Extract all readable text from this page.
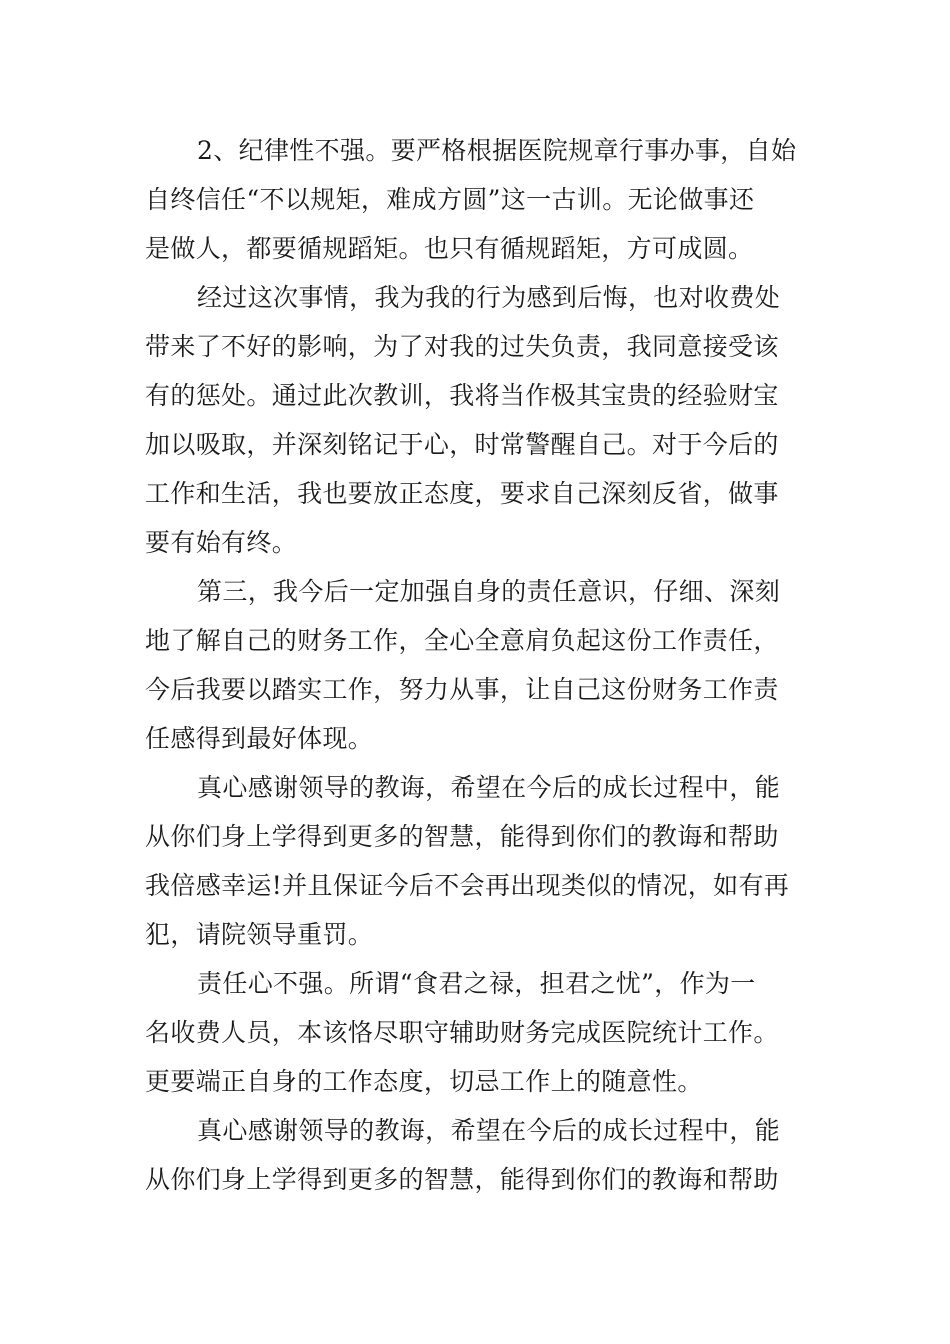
2、纪律性不强。要严格根据医院规章行事办事，自始
自终信任“不以规矩，难成方圆”这一古训。无论做事还
是做人，都要循规蹈矩。也只有循规蹈矩，方可成圆。

经过这次事情，我为我的行为感到后悔，也对收费处
带来了不好的影响，为了对我的过失负责，我同意接受该
有的惩处。通过此次教训，我将当作极其宝贵的经验财宝
加以吸取，并深刻铭记于心，时常警醒自己。对于今后的
工作和生活，我也要放正态度，要求自己深刻反省，做事
要有始有终。

第三，我今后一定加强自身的责任意识，仔细、深刻
地了解自己的财务工作，全心全意肩负起这份工作责任，
今后我要以踏实工作，努力从事，让自己这份财务工作责
任感得到最好体现。

真心感谢领导的教诲，希望在今后的成长过程中，能
从你们身上学得到更多的智慧，能得到你们的教诲和帮助
我倍感幸运!并且保证今后不会再出现类似的情况，如有再
犯，请院领导重罚。

责任心不强。所谓“食君之禄，担君之忧”，作为一
名收费人员，本该恪尽职守辅助财务完成医院统计工作。
更要端正自身的工作态度，切忌工作上的随意性。

真心感谢领导的教诲，希望在今后的成长过程中，能
从你们身上学得到更多的智慧，能得到你们的教诲和帮助
